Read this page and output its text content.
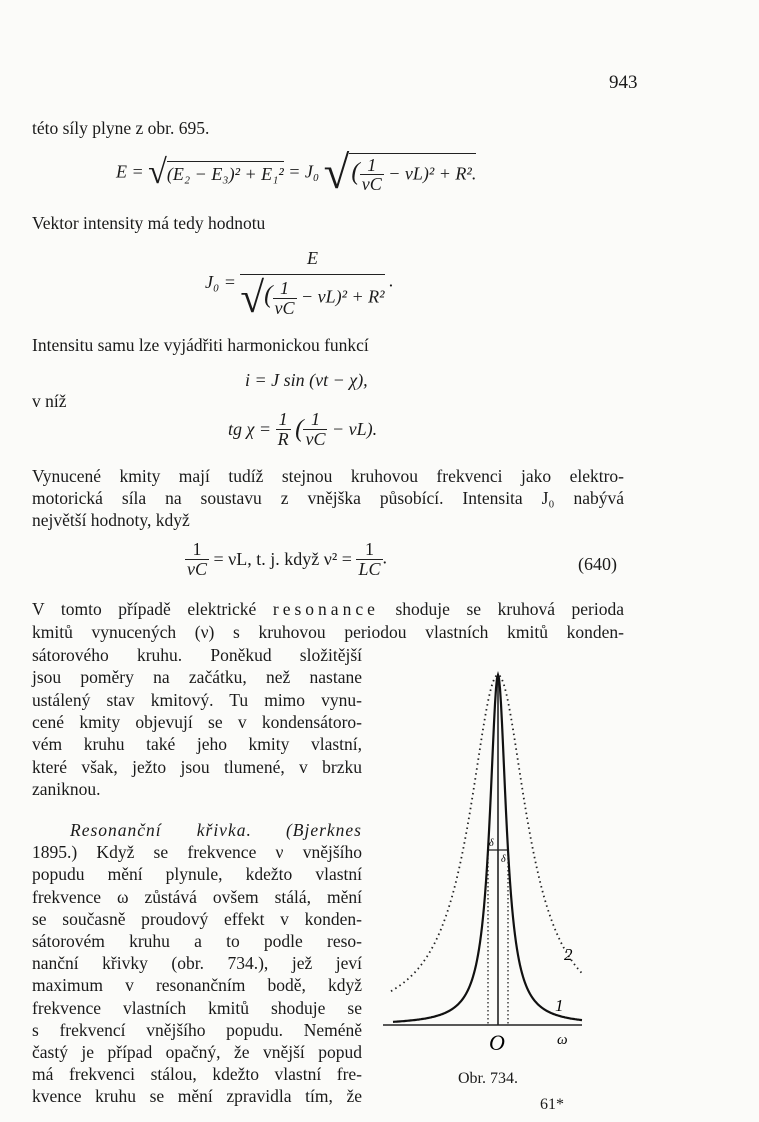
943
této síly plyne z obr. 695.
E = √(E₂ − E₃)² + E₁² = J₀ √( $\frac{1}{\nu C} - \nu L)^2 + R^2$.
Vektor intensity má tedy hodnotu
$J_0 = \frac{E}{√( \frac{1}{\nu C} - \nu L)^2 + R^2}$ .
Intensitu samu lze vyjádřiti harmonickou funkcí
i = J sin (νt − χ),
v níž
tg $\chi = \frac{1}{R}$ ( $\frac{1}{\nu C} - \nu L$).
Vynucené kmity mají tudíž stejnou kruhovou frekvenci jako elektro-
motorická síla na soustavu z vnějška působící. Intensita J₀ nabývá
největší hodnoty, když
$\frac{1}{\nu C} = \nu L$, t. j. když $\nu^2 = \frac{1}{LC}$ .	(640)
V tomto případě elektrické resonance shoduje se kruhová perioda
kmitů vynucených (ν) s kruhovou periodou vlastních kmitů konden-
sátorového kruhu. Poněkud složitější
jsou poměry na začátku, než nastane
ustálený stav kmitový. Tu mimo vynu-
cené kmity objevují se v kondensátoro-
vém kruhu také jeho kmity vlastní,
které však, ježto jsou tlumené, v brzku
zaniknou.
Resonanční křivka. (Bjerknes
1895.) Když se frekvence ν vnějšího
popudu mění plynule, kdežto vlastní
frekvence ω zůstává ovšem stálá, mění
se současně proudový effekt v konden-
sátorovém kruhu a to podle reso-
nanční křivky (obr. 734.), jež jeví
maximum v resonančním bodě, když
frekvence vlastních kmitů shoduje se
s frekvencí vnějšího popudu. Neméně
častý je případ opačný, že vnější popud
má frekvenci stálou, kdežto vlastní fre-
kvence kruhu se mění zpravidla tím, že
δ
δ
2
1
O	ω
Obr. 734.
61*
